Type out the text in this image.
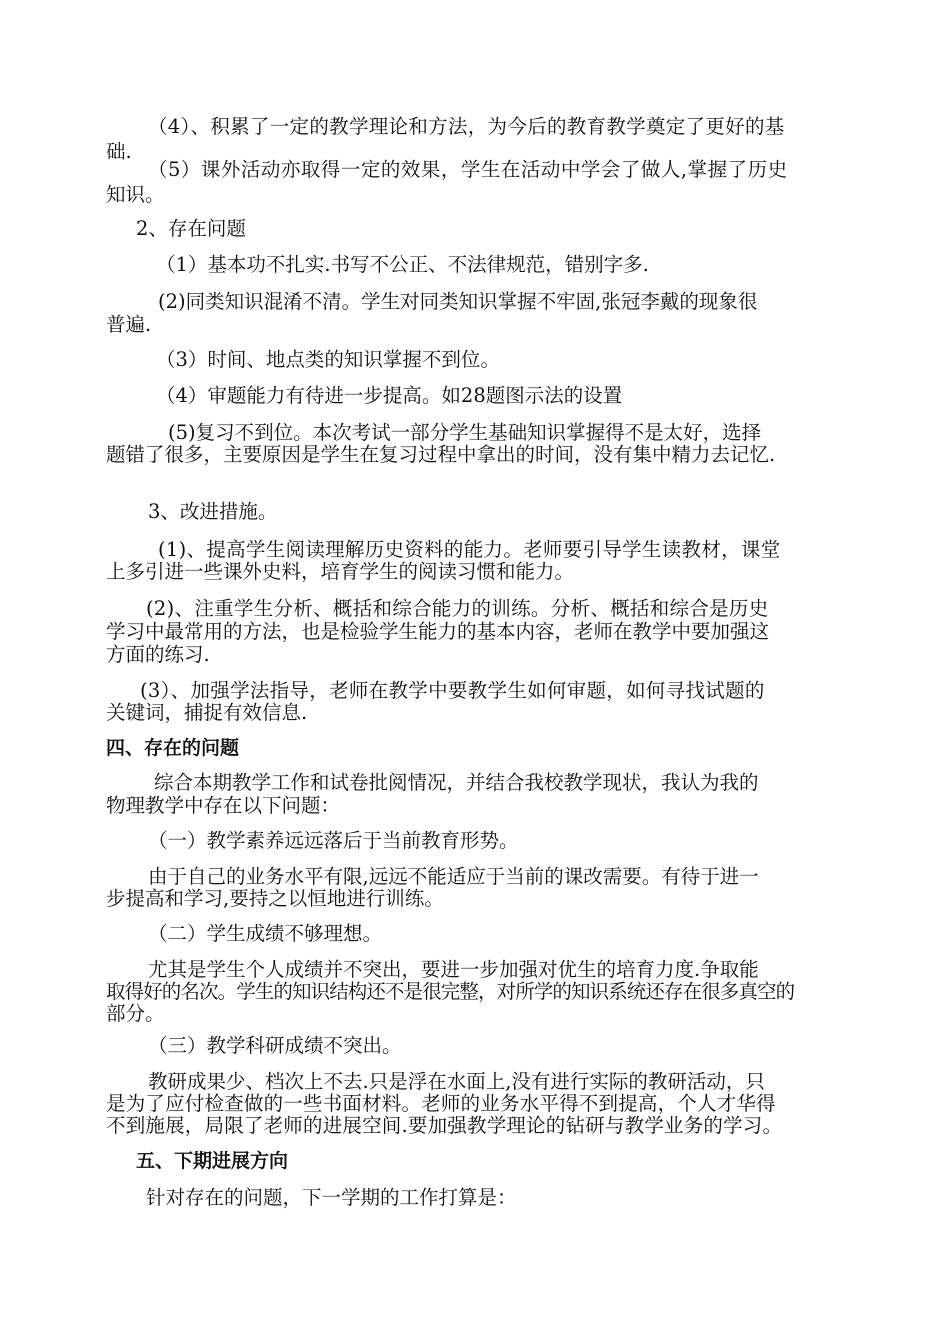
（4）、积累了一定的教学理论和方法，为今后的教育教学奠定了更好的基
础.
（5）课外活动亦取得一定的效果，学生在活动中学会了做人,掌握了历史
知识。
2、存在问题
（1）基本功不扎实.书写不公正、不法律规范，错别字多.
(2)同类知识混淆不清。学生对同类知识掌握不牢固,张冠李戴的现象很
普遍.
（3）时间、地点类的知识掌握不到位。
（4）审题能力有待进一步提高。如28题图示法的设置
(5)复习不到位。本次考试一部分学生基础知识掌握得不是太好，选择
题错了很多，主要原因是学生在复习过程中拿出的时间，没有集中精力去记忆.
3、改进措施。
(1)、提高学生阅读理解历史资料的能力。老师要引导学生读教材，课堂
上多引进一些课外史料，培育学生的阅读习惯和能力。
(2)、注重学生分析、概括和综合能力的训练。分析、概括和综合是历史
学习中最常用的方法，也是检验学生能力的基本内容，老师在教学中要加强这
方面的练习.
(3）、加强学法指导，老师在教学中要教学生如何审题，如何寻找试题的
关键词，捕捉有效信息.
四、存在的问题
综合本期教学工作和试卷批阅情况，并结合我校教学现状，我认为我的
物理教学中存在以下问题：
（一）教学素养远远落后于当前教育形势。
由于自己的业务水平有限,远远不能适应于当前的课改需要。有待于进一
步提高和学习,要持之以恒地进行训练。
（二）学生成绩不够理想。
尤其是学生个人成绩并不突出，要进一步加强对优生的培育力度.争取能
取得好的名次。学生的知识结构还不是很完整，对所学的知识系统还存在很多真空的
部分。
（三）教学科研成绩不突出。
教研成果少、档次上不去.只是浮在水面上,没有进行实际的教研活动，只
是为了应付检查做的一些书面材料。老师的业务水平得不到提高，个人才华得
不到施展，局限了老师的进展空间.要加强教学理论的钻研与教学业务的学习。
五、下期进展方向
针对存在的问题，下一学期的工作打算是：
